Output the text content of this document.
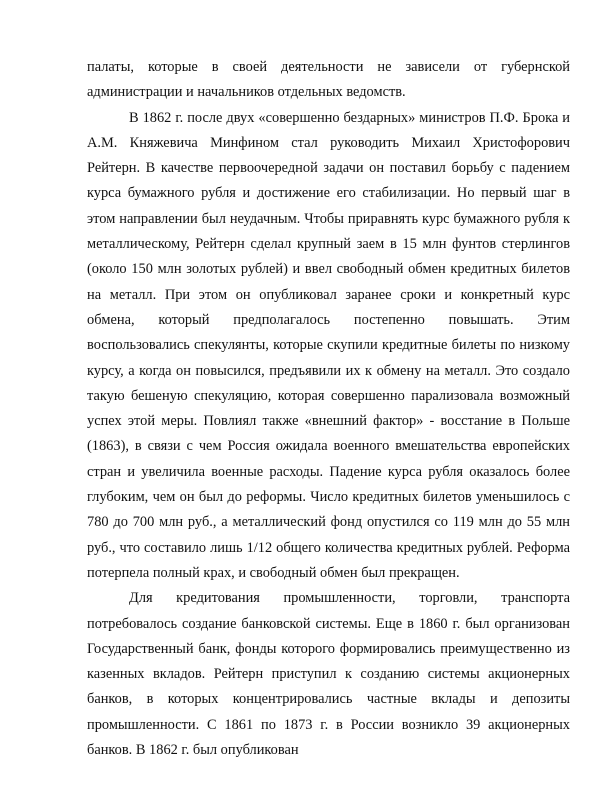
палаты, которые в своей деятельности не зависели от губернской администрации и начальников отдельных ведомств.

В 1862 г. после двух «совершенно бездарных» министров П.Ф. Брока и А.М. Княжевича Минфином стал руководить Михаил Христофорович Рейтерн. В качестве первоочередной задачи он поставил борьбу с падением курса бумажного рубля и достижение его стабилизации. Но первый шаг в этом направлении был неудачным. Чтобы приравнять курс бумажного рубля к металлическому, Рейтерн сделал крупный заем в 15 млн фунтов стерлингов (около 150 млн золотых рублей) и ввел свободный обмен кредитных билетов на металл. При этом он опубликовал заранее сроки и конкретный курс обмена, который предполагалось постепенно повышать. Этим воспользовались спекулянты, которые скупили кредитные билеты по низкому курсу, а когда он повысился, предъявили их к обмену на металл. Это создало такую бешеную спекуляцию, которая совершенно парализовала возможный успех этой меры. Повлиял также «внешний фактор» - восстание в Польше (1863), в связи с чем Россия ожидала военного вмешательства европейских стран и увеличила военные расходы. Падение курса рубля оказалось более глубоким, чем он был до реформы. Число кредитных билетов уменьшилось с 780 до 700 млн руб., а металлический фонд опустился со 119 млн до 55 млн руб., что составило лишь 1/12 общего количества кредитных рублей. Реформа потерпела полный крах, и свободный обмен был прекращен.

Для кредитования промышленности, торговли, транспорта потребовалось создание банковской системы. Еще в 1860 г. был организован Государственный банк, фонды которого формировались преимущественно из казенных вкладов. Рейтерн приступил к созданию системы акционерных банков, в которых концентрировались частные вклады и депозиты промышленности. С 1861 по 1873 г. в России возникло 39 акционерных банков. В 1862 г. был опубликован
